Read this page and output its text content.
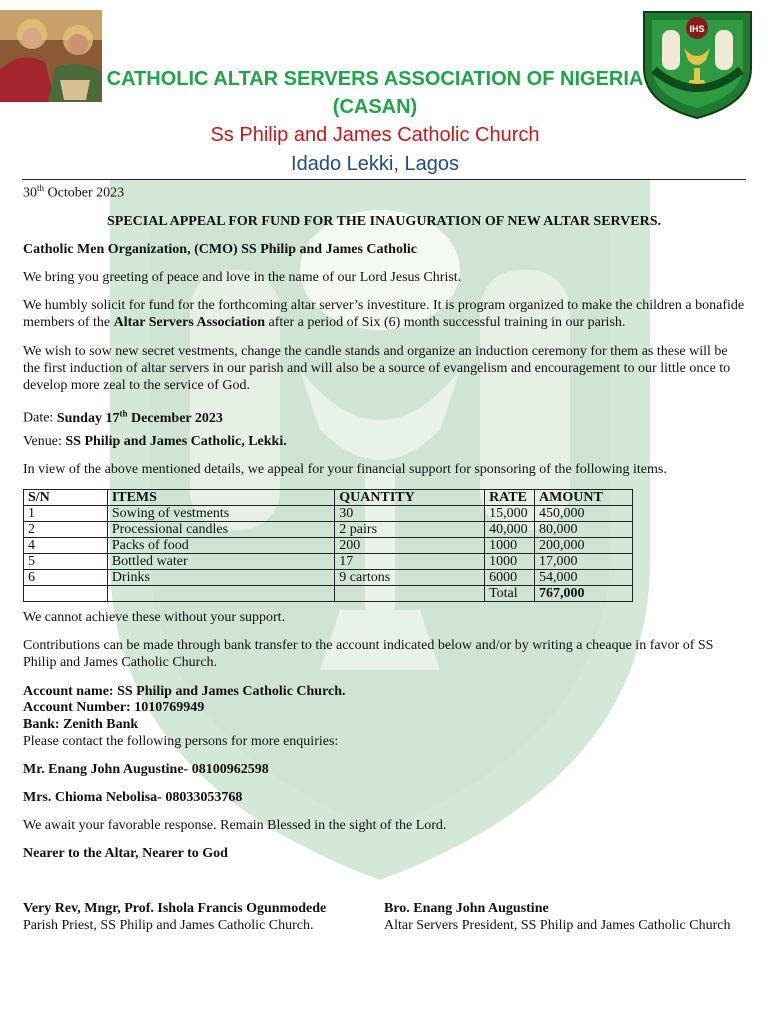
IHS
CATHOLIC ALTAR SERVERS ASSOCIATION OF NIGERIA
(CASAN)
Ss Philip and James Catholic Church
Idado Lekki, Lagos
30th October 2023
SPECIAL APPEAL FOR FUND FOR THE INAUGURATION OF NEW ALTAR SERVERS.
Catholic Men Organization, (CMO) SS Philip and James Catholic
We bring you greeting of peace and love in the name of our Lord Jesus Christ.
We humbly solicit for fund for the forthcoming altar server’s investiture. It is program organized to make the children a bonafide members of the Altar Servers Association after a period of Six (6) month successful training in our parish.
We wish to sow new secret vestments, change the candle stands and organize an induction ceremony for them as these will be the first induction of altar servers in our parish and will also be a source of evangelism and encouragement to our little once to develop more zeal to the service of God.
Date: Sunday 17th December 2023
Venue: SS Philip and James Catholic, Lekki.
In view of the above mentioned details, we appeal for your financial support for sponsoring of the following items.
S/N	ITEMS	QUANTITY	RATE	AMOUNT
1	Sowing of vestments	30	15,000	450,000
2	Processional candles	2 pairs	40,000	80,000
4	Packs of food	200	1000	200,000
5	Bottled water	17	1000	17,000
6	Drinks	9 cartons	6000	54,000
			Total	767,000
We cannot achieve these without your support.
Contributions can be made through bank transfer to the account indicated below and/or by writing a cheaque in favor of SS Philip and James Catholic Church.
Account name: SS Philip and James Catholic Church.
Account Number: 1010769949
Bank: Zenith Bank
Please contact the following persons for more enquiries:
Mr. Enang John Augustine- 08100962598
Mrs. Chioma Nebolisa- 08033053768
We await your favorable response. Remain Blessed in the sight of the Lord.
Nearer to the Altar, Nearer to God
Very Rev, Mngr, Prof. Ishola Francis Ogunmodede
Parish Priest, SS Philip and James Catholic Church.
Bro. Enang John Augustine
Altar Servers President, SS Philip and James Catholic Church
